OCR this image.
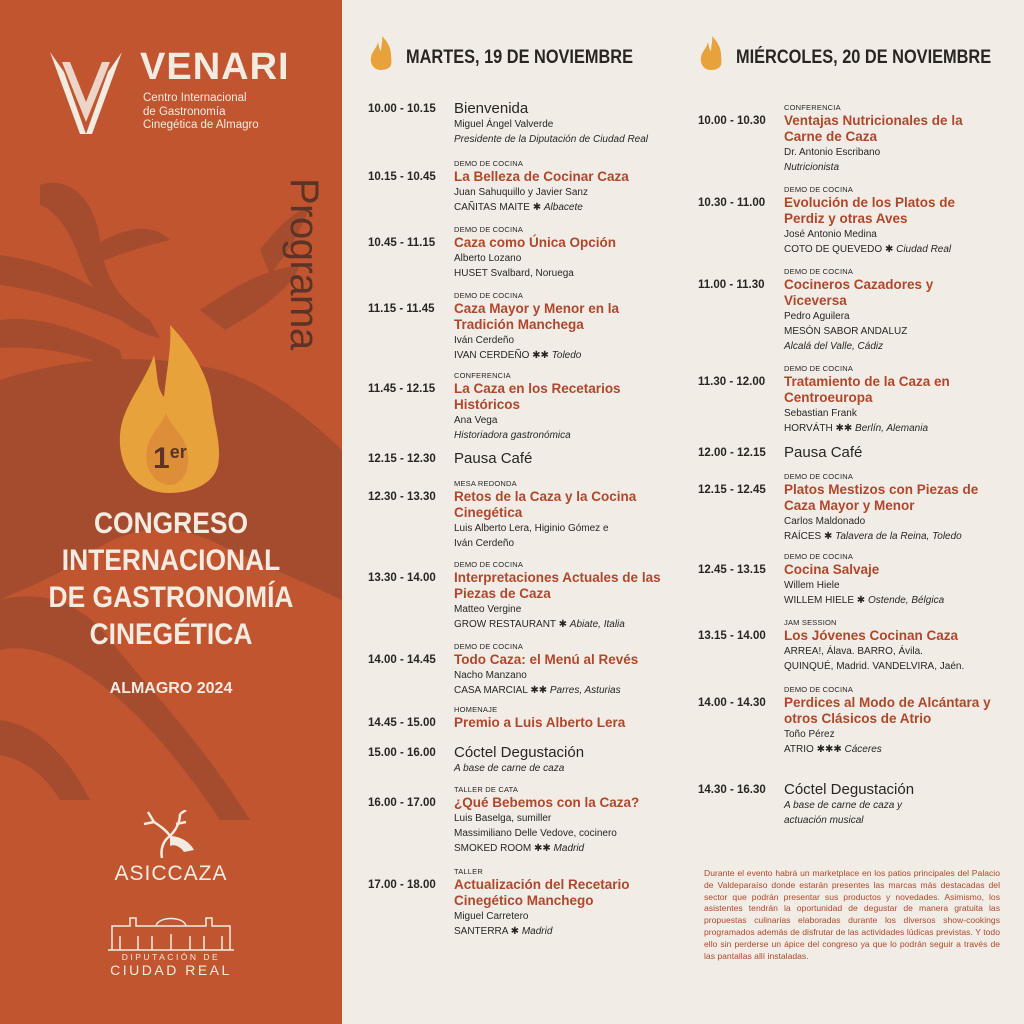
VENARI
Centro Internacional
de Gastronomía
Cinegética de Almagro
1er
Programa
CONGRESO
INTERNACIONAL
DE GASTRONOMÍA
CINEGÉTICA
ALMAGRO 2024
ASICCAZA
DIPUTACIÓN DE
CIUDAD REAL
MARTES, 19 DE NOVIEMBRE	MIÉRCOLES, 20 DE NOVIEMBRE
10.00 - 10.15 Bienvenida
Miguel Ángel Valverde
Presidente de la Diputación de Ciudad Real
DEMO DE COCINA
10.15 - 10.45 La Belleza de Cocinar Caza
Juan Sahuquillo y Javier Sanz
CAÑITAS MAITE ✱ Albacete
DEMO DE COCINA
10.45 - 11.15 Caza como Única Opción
Alberto Lozano
HUSET Svalbard, Noruega
DEMO DE COCINA
11.15 - 11.45 Caza Mayor y Menor en la Tradición Manchega
Iván Cerdeño
IVAN CERDEÑO ✱✱ Toledo
CONFERENCIA
11.45 - 12.15 La Caza en los Recetarios Históricos
Ana Vega
Historiadora gastronómica
12.15 - 12.30 Pausa Café
MESA REDONDA
12.30 - 13.30 Retos de la Caza y la Cocina Cinegética
Luis Alberto Lera, Higinio Gómez e
Iván Cerdeño
DEMO DE COCINA
13.30 - 14.00 Interpretaciones Actuales de las Piezas de Caza
Matteo Vergine
GROW RESTAURANT ✱ Abiate, Italia
DEMO DE COCINA
14.00 - 14.45 Todo Caza: el Menú al Revés
Nacho Manzano
CASA MARCIAL ✱✱ Parres, Asturias
HOMENAJE
14.45 - 15.00 Premio a Luis Alberto Lera
15.00 - 16.00 Cóctel Degustación
A base de carne de caza
TALLER DE CATA
16.00 - 17.00 ¿Qué Bebemos con la Caza?
Luis Baselga, sumiller
Massimiliano Delle Vedove, cocinero
SMOKED ROOM ✱✱ Madrid
TALLER
17.00 - 18.00 Actualización del Recetario Cinegético Manchego
Miguel Carretero
SANTERRA ✱ Madrid
CONFERENCIA
10.00 - 10.30 Ventajas Nutricionales de la Carne de Caza
Dr. Antonio Escribano
Nutricionista
DEMO DE COCINA
10.30 - 11.00 Evolución de los Platos de Perdiz y otras Aves
José Antonio Medina
COTO DE QUEVEDO ✱ Ciudad Real
DEMO DE COCINA
11.00 - 11.30 Cocineros Cazadores y Viceversa
Pedro Aguilera
MESÓN SABOR ANDALUZ
Alcalá del Valle, Cádiz
DEMO DE COCINA
11.30 - 12.00 Tratamiento de la Caza en Centroeuropa
Sebastian Frank
HORVÁTH ✱✱ Berlín, Alemania
12.00 - 12.15 Pausa Café
DEMO DE COCINA
12.15 - 12.45 Platos Mestizos con Piezas de Caza Mayor y Menor
Carlos Maldonado
RAÍCES ✱ Talavera de la Reina, Toledo
DEMO DE COCINA
12.45 - 13.15 Cocina Salvaje
Willem Hiele
WILLEM HIELE ✱ Ostende, Bélgica
JAM SESSION
13.15 - 14.00 Los Jóvenes Cocinan Caza
ARREA!, Álava. BARRO, Ávila.
QUINQUÉ, Madrid. VANDELVIRA, Jaén.
DEMO DE COCINA
14.00 - 14.30 Perdices al Modo de Alcántara y otros Clásicos de Atrio
Toño Pérez
ATRIO ✱✱✱ Cáceres
14.30 - 16.30 Cóctel Degustación
A base de carne de caza y
actuación musical
Durante el evento habrá un marketplace en los patios principales del Palacio de Valdeparaíso donde estarán presentes las marcas más destacadas del sector que podrán presentar sus productos y novedades. Asimismo, los asistentes tendrán la oportunidad de degustar de manera gratuita las propuestas culinarias elaboradas durante los diversos show-cookings programados además de disfrutar de las actividades lúdicas previstas. Y todo ello sin perderse un ápice del congreso ya que lo podrán seguir a través de las pantallas allí instaladas.
